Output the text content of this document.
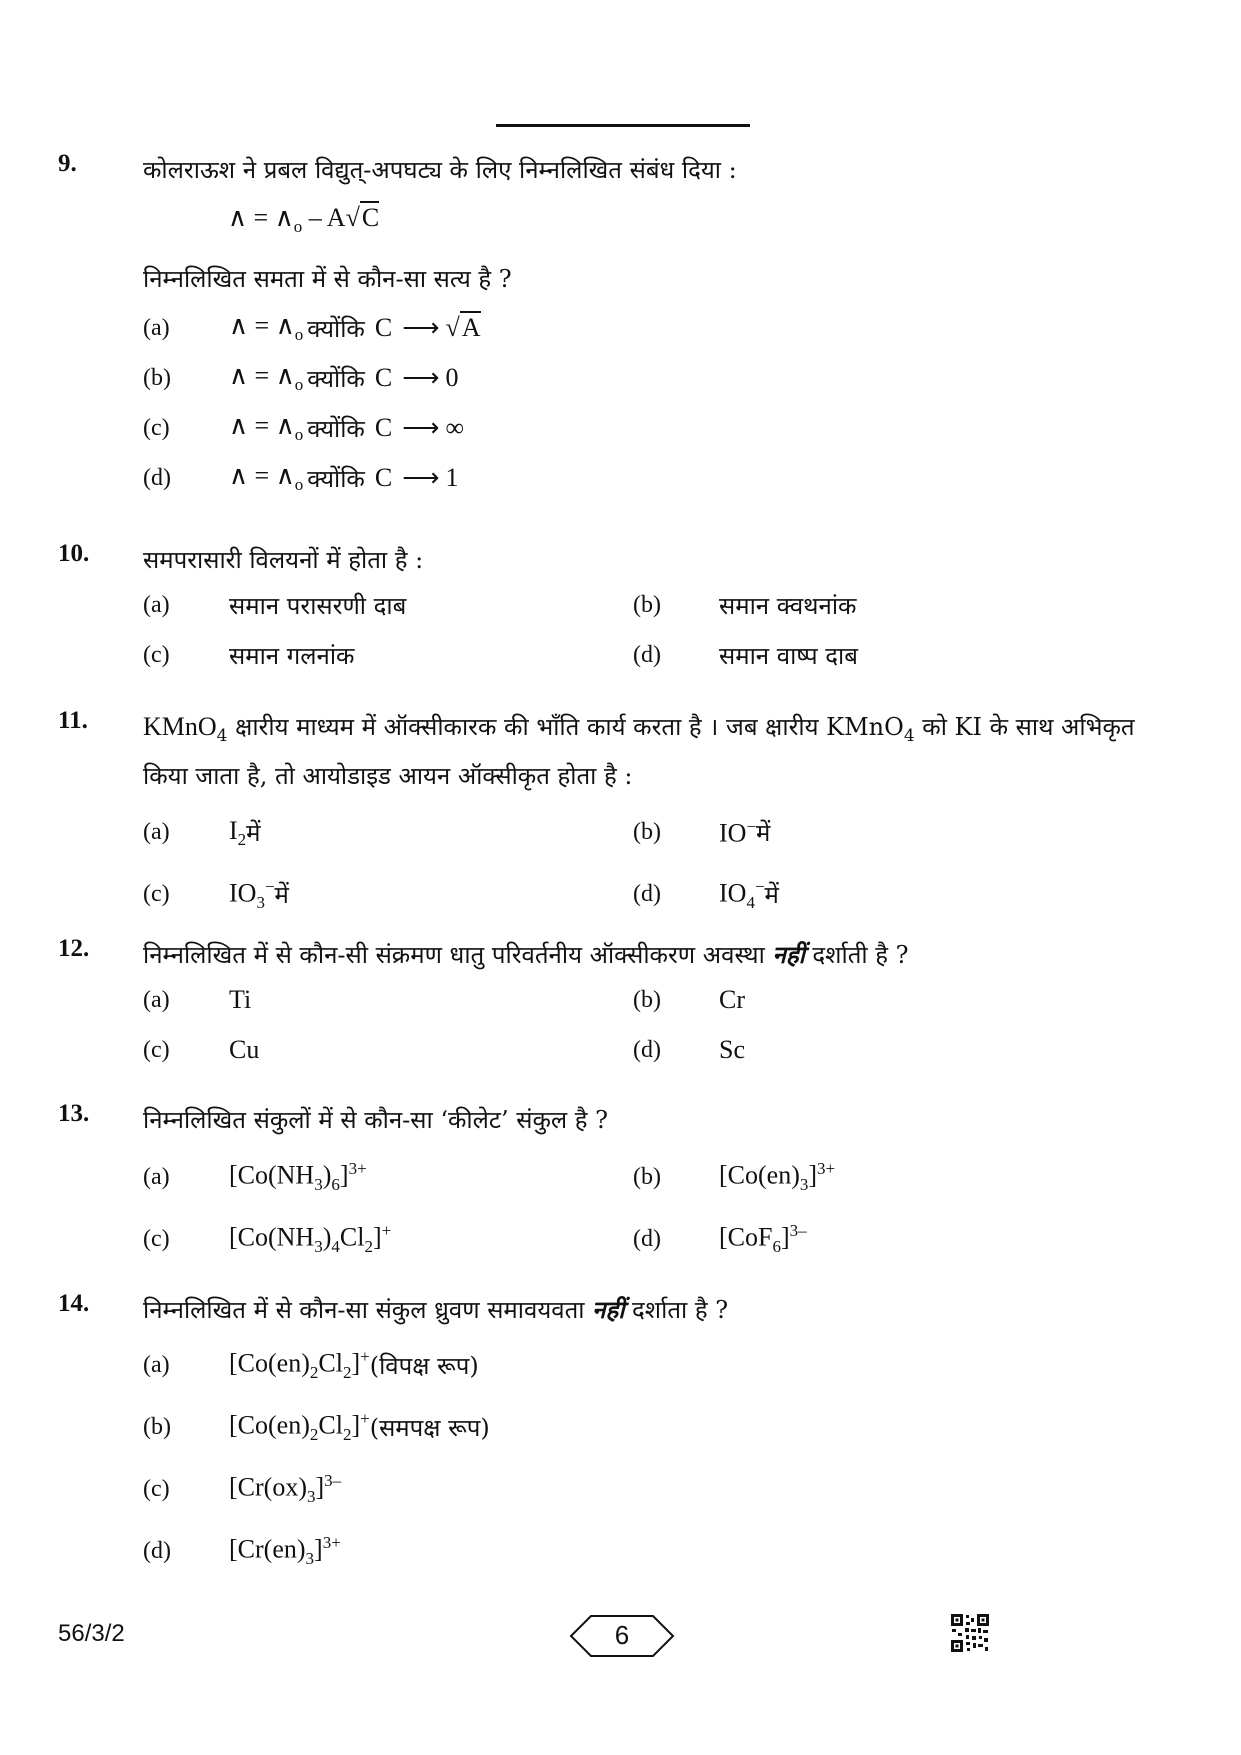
9.	कोलराऊश ने प्रबल विद्युत्-अपघट्य के लिए निम्नलिखित संबंध दिया :
∧ = $\wedge_o - A√C$
निम्नलिखित समता में से कौन-सा सत्य है ?
(a)	∧ = $\wedge_o$ क्योंकि C ⟶ √A
(b)	∧ = $\wedge_o$ क्योंकि C ⟶ 0
(c)	∧ = $\wedge_o$ क्योंकि C ⟶ ∞
(d)	∧ = $\wedge_o$ क्योंकि C ⟶ 1
10. समपरासारी विलयनों में होता है :
(a)	समान परासरणी दाब	(b)	समान क्वथनांक
(c)	समान गलनांक	(d)	समान वाष्प दाब
11. KMnO$_4$ क्षारीय माध्यम में ऑक्सीकारक की भाँति कार्य करता है । जब क्षारीय KMnO$_4$ को KI के साथ अभिकृत किया जाता है, तो आयोडाइड आयन ऑक्सीकृत होता है :
(a)	$I_2$ में	(b)	IO− में
(c)	$IO_3^-$ में	(d)	$IO_4^-$ में
12. निम्नलिखित में से कौन-सी संक्रमण धातु परिवर्तनीय ऑक्सीकरण अवस्था नहीं दर्शाती है ?
(a)	Ti	(b)	Cr
(c)	Cu	(d)	Sc
13. निम्नलिखित संकुलों में से कौन-सा ‘कीलेट’ संकुल है ?
(a)	$[Co(NH_3)_6]^{3+}$	(b)	$[Co(en)_3]^{3+}$
(c)	$[Co(NH_3)_4Cl_2]^+$	(d)	$[CoF_6]^{3-}$
14. निम्नलिखित में से कौन-सा संकुल ध्रुवण समावयवता नहीं दर्शाता है ?
(a)	$[Co(en)_2Cl_2]^+$ (विपक्ष रूप)
(b)	$[Co(en)_2Cl_2]^+$ (समपक्ष रूप)
(c)	$[Cr(ox)_3]^{3-}$
(d)	$[Cr(en)_3]^{3+}$
56/3/2	6
